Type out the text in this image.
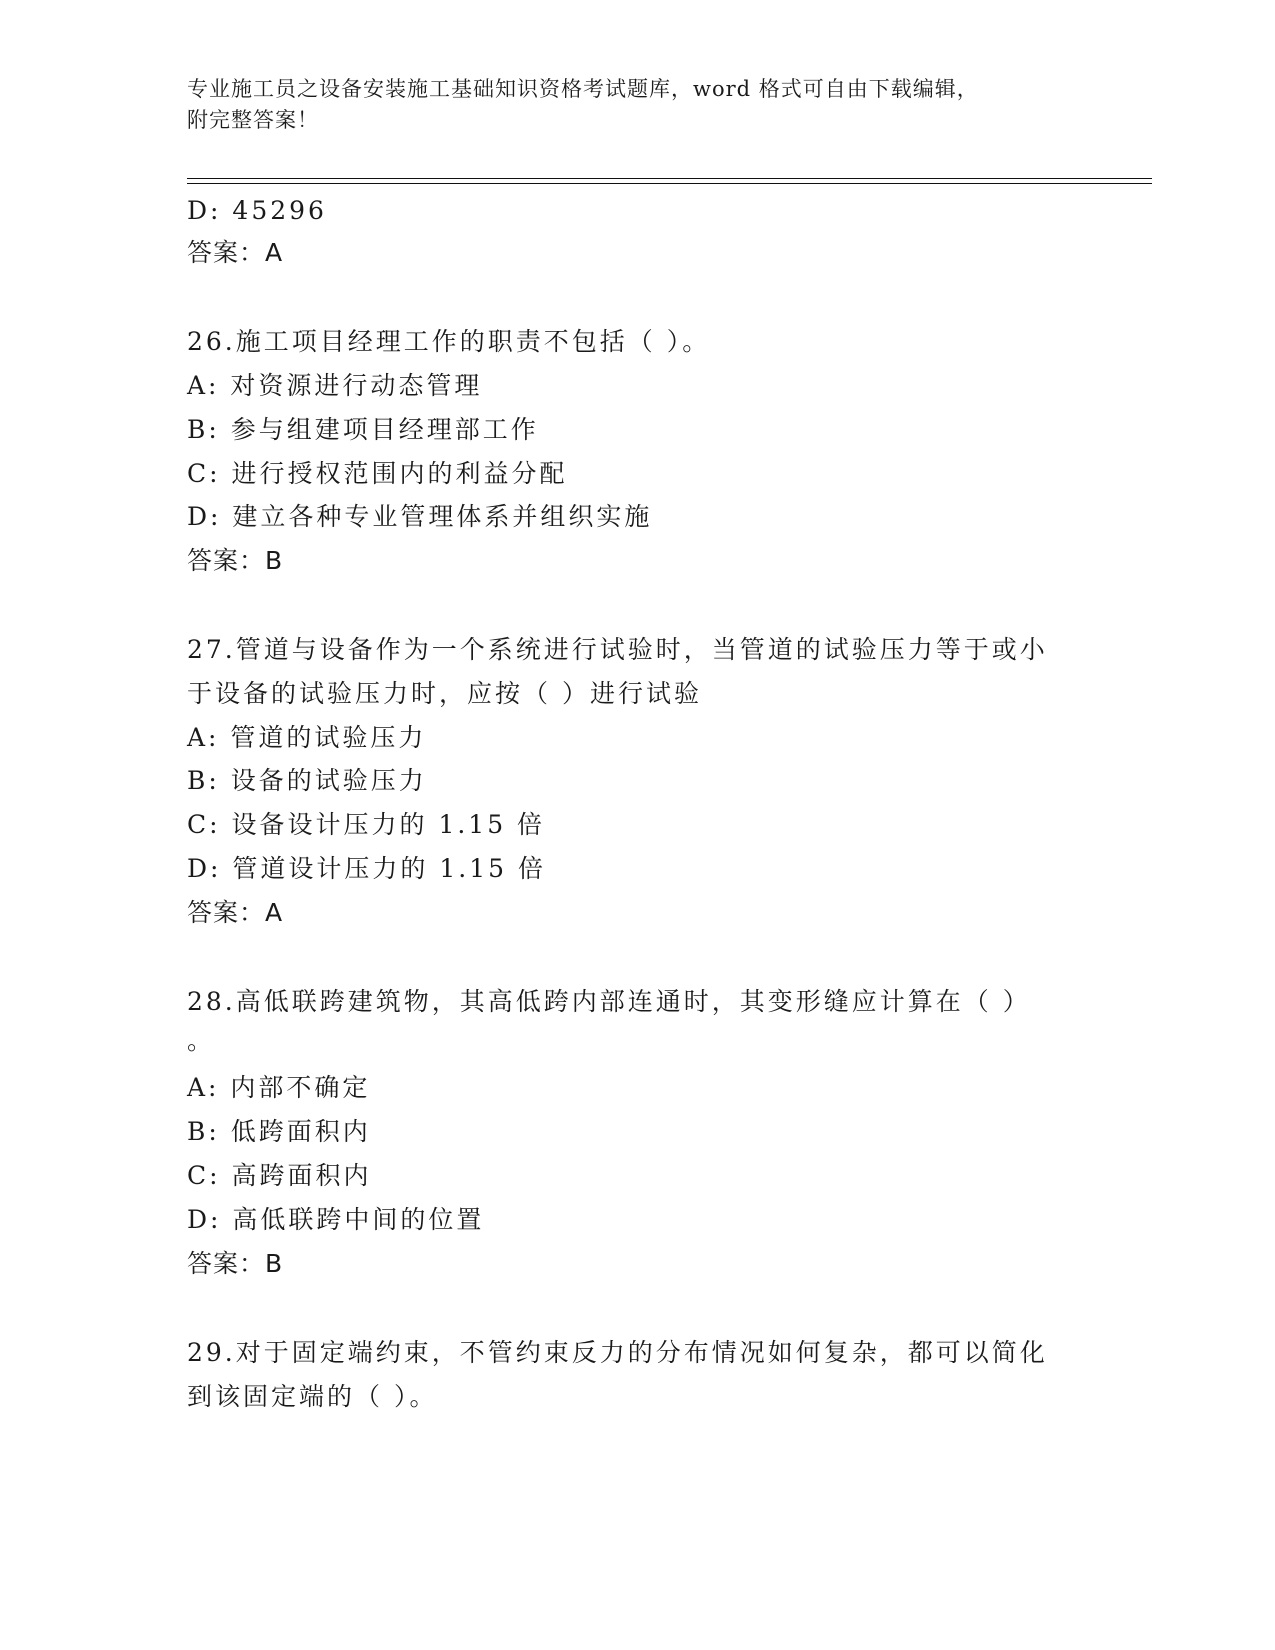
专业施工员之设备安装施工基础知识资格考试题库，word 格式可自由下载编辑，
附完整答案！
D: 45296
答案：A
26.施工项目经理工作的职责不包括（ ）。
A: 对资源进行动态管理
B: 参与组建项目经理部工作
C: 进行授权范围内的利益分配
D: 建立各种专业管理体系并组织实施
答案：B
27.管道与设备作为一个系统进行试验时，当管道的试验压力等于或小
于设备的试验压力时，应按（ ）进行试验
A: 管道的试验压力
B: 设备的试验压力
C: 设备设计压力的 1.15 倍
D: 管道设计压力的 1.15 倍
答案：A
28.高低联跨建筑物，其高低跨内部连通时，其变形缝应计算在（ ）
。
A: 内部不确定
B: 低跨面积内
C: 高跨面积内
D: 高低联跨中间的位置
答案：B
29.对于固定端约束，不管约束反力的分布情况如何复杂，都可以简化
到该固定端的（ ）。
